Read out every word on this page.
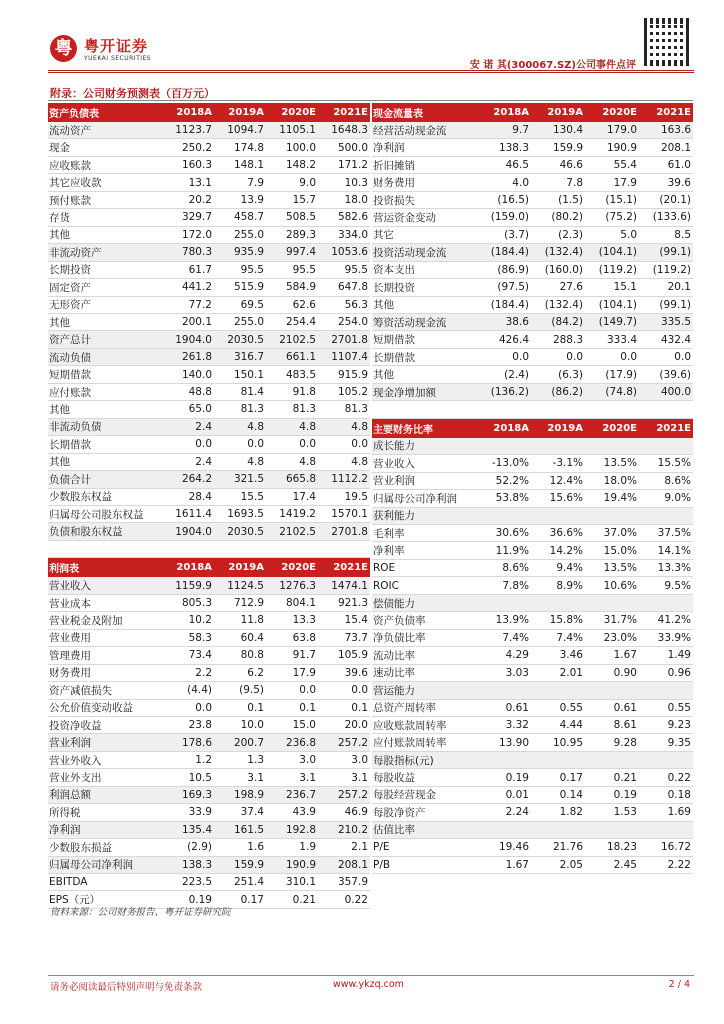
粤 粤开证券
YUEKAI SECURITIES
安 诺 其(300067.SZ)公司事件点评
附录：公司财务预测表（百万元）
资产负债表	2018A	2019A	2020E	2021E
流动资产	1123.7	1094.7	1105.1	1648.3
现金	250.2	174.8	100.0	500.0
应收账款	160.3	148.1	148.2	171.2
其它应收款	13.1	7.9	9.0	10.3
预付账款	20.2	13.9	15.7	18.0
存货	329.7	458.7	508.5	582.6
其他	172.0	255.0	289.3	334.0
非流动资产	780.3	935.9	997.4	1053.6
长期投资	61.7	95.5	95.5	95.5
固定资产	441.2	515.9	584.9	647.8
无形资产	77.2	69.5	62.6	56.3
其他	200.1	255.0	254.4	254.0
资产总计	1904.0	2030.5	2102.5	2701.8
流动负债	261.8	316.7	661.1	1107.4
短期借款	140.0	150.1	483.5	915.9
应付账款	48.8	81.4	91.8	105.2
其他	65.0	81.3	81.3	81.3
非流动负债	2.4	4.8	4.8	4.8
长期借款	0.0	0.0	0.0	0.0
其他	2.4	4.8	4.8	4.8
负债合计	264.2	321.5	665.8	1112.2
少数股东权益	28.4	15.5	17.4	19.5
归属母公司股东权益	1611.4	1693.5	1419.2	1570.1
负债和股东权益	1904.0	2030.5	2102.5	2701.8
利润表	2018A	2019A	2020E	2021E
营业收入	1159.9	1124.5	1276.3	1474.1
营业成本	805.3	712.9	804.1	921.3
营业税金及附加	10.2	11.8	13.3	15.4
营业费用	58.3	60.4	63.8	73.7
管理费用	73.4	80.8	91.7	105.9
财务费用	2.2	6.2	17.9	39.6
资产减值损失	(4.4)	(9.5)	0.0	0.0
公允价值变动收益	0.0	0.1	0.1	0.1
投资净收益	23.8	10.0	15.0	20.0
营业利润	178.6	200.7	236.8	257.2
营业外收入	1.2	1.3	3.0	3.0
营业外支出	10.5	3.1	3.1	3.1
利润总额	169.3	198.9	236.7	257.2
所得税	33.9	37.4	43.9	46.9
净利润	135.4	161.5	192.8	210.2
少数股东损益	(2.9)	1.6	1.9	2.1
归属母公司净利润	138.3	159.9	190.9	208.1
EBITDA	223.5	251.4	310.1	357.9
EPS（元）	0.19	0.17	0.21	0.22
现金流量表	2018A	2019A	2020E	2021E
经营活动现金流	9.7	130.4	179.0	163.6
净利润	138.3	159.9	190.9	208.1
折旧摊销	46.5	46.6	55.4	61.0
财务费用	4.0	7.8	17.9	39.6
投资损失	(16.5)	(1.5)	(15.1)	(20.1)
营运资金变动	(159.0)	(80.2)	(75.2)	(133.6)
其它	(3.7)	(2.3)	5.0	8.5
投资活动现金流	(184.4)	(132.4)	(104.1)	(99.1)
资本支出	(86.9)	(160.0)	(119.2)	(119.2)
长期投资	(97.5)	27.6	15.1	20.1
其他	(184.4)	(132.4)	(104.1)	(99.1)
筹资活动现金流	38.6	(84.2)	(149.7)	335.5
短期借款	426.4	288.3	333.4	432.4
长期借款	0.0	0.0	0.0	0.0
其他	(2.4)	(6.3)	(17.9)	(39.6)
现金净增加额	(136.2)	(86.2)	(74.8)	400.0
主要财务比率	2018A	2019A	2020E	2021E
成长能力
营业收入	-13.0%	-3.1%	13.5%	15.5%
营业利润	52.2%	12.4%	18.0%	8.6%
归属母公司净利润	53.8%	15.6%	19.4%	9.0%
获利能力
毛利率	30.6%	36.6%	37.0%	37.5%
净利率	11.9%	14.2%	15.0%	14.1%
ROE	8.6%	9.4%	13.5%	13.3%
ROIC	7.8%	8.9%	10.6%	9.5%
偿债能力
资产负债率	13.9%	15.8%	31.7%	41.2%
净负债比率	7.4%	7.4%	23.0%	33.9%
流动比率	4.29	3.46	1.67	1.49
速动比率	3.03	2.01	0.90	0.96
营运能力
总资产周转率	0.61	0.55	0.61	0.55
应收账款周转率	3.32	4.44	8.61	9.23
应付账款周转率	13.90	10.95	9.28	9.35
每股指标(元)
每股收益	0.19	0.17	0.21	0.22
每股经营现金	0.01	0.14	0.19	0.18
每股净资产	2.24	1.82	1.53	1.69
估值比率
P/E	19.46	21.76	18.23	16.72
P/B	1.67	2.05	2.45	2.22
资料来源：公司财务报告、粤开证券研究院
请务必阅读最后特别声明与免责条款	www.ykzq.com	2 / 4
